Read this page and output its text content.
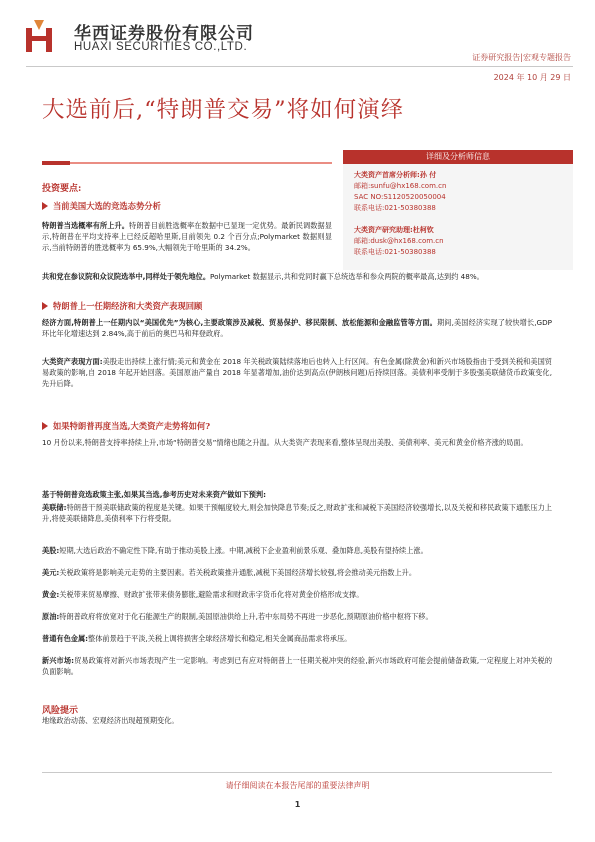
华西证券股份有限公司
HUAXI SECURITIES CO.,LTD.
证券研究报告|宏观专题报告
2024 年 10 月 29 日
大选前后,“特朗普交易”将如何演绎
详细及分析师信息
大类资产首席分析师:孙 付
邮箱:sunfu@hx168.com.cn
SAC NO:S1120520050004
联系电话:021-50380388
大类资产研究助理:杜柯钦
邮箱:dusk@hx168.com.cn
联系电话:021-50380388
投资要点:
当前美国大选的竞选态势分析
特朗普当选概率有所上升。特朗普目前胜选概率在数据中已显现一定优势。最新民调数据显示,特朗普在平均支持率上已经反超哈里斯,目前领先 0.2 个百分点;Polymarket 数据则显示,当前特朗普的胜选概率为 65.9%,大幅领先于哈里斯的 34.2%。
共和党在参议院和众议院选举中,同样处于领先地位。Polymarket 数据显示,共和党同时赢下总统选举和参众两院的概率最高,达到约 48%。
特朗普上一任期经济和大类资产表现回顾
经济方面,特朗普上一任期内以“美国优先”为核心,主要政策涉及减税、贸易保护、移民限制、放松能源和金融监管等方面。期间,美国经济实现了较快增长,GDP 环比年化增速达到 2.84%,高于前后的奥巴马和拜登政府。
大类资产表现方面:美股走出持续上涨行情;美元和黄金在 2018 年关税政策陆续落地后也转入上行区间。有色金属(除黄金)和新兴市场股指由于受到关税和美国贸易政策的影响,自 2018 年起开始回落。美国原油产量自 2018 年显著增加,油价达到高点(伊朗核问题)后持续回落。美债利率受制于多股强美联储货币政策变化,先升后降。
如果特朗普再度当选,大类资产走势将如何?
10 月份以来,特朗普支持率持续上升,市场“特朗普交易”情绪也随之升温。从大类资产表现来看,整体呈现出美股、美债利率、美元和黄金价格齐涨的局面。
基于特朗普竞选政策主张,如果其当选,参考历史对未来资产做如下预判:
美联储:特朗普干预美联储政策的程度是关键。如果干预幅度较大,则会加快降息节奏;反之,财政扩张和减税下美国经济较强增长,以及关税和移民政策下通胀压力上升,将使美联储降息,美债利率下行将受限。
美股:短期,大选后政治不确定性下降,有助于推动美股上涨。中期,减税下企业盈利前景乐观、叠加降息,美股有望持续上涨。
美元:关税政策将是影响美元走势的主要因素。若关税政策推升通胀,减税下美国经济增长较强,将会推动美元指数上升。
黄金:关税带来贸易摩擦、财政扩张带来债务膨胀,避险需求和财政赤字货币化将对黄金价格形成支撑。
原油:特朗普政府将放宽对于化石能源生产的限制,美国原油供给上升,若中东局势不再进一步恶化,预期原油价格中枢将下移。
普通有色金属:整体前景趋于平淡,关税上调将损害全球经济增长和稳定,相关金属商品需求将承压。
新兴市场:贸易政策将对新兴市场表现产生一定影响。考虑到已有应对特朗普上一任期关税冲突的经验,新兴市场政府可能会提前储备政策,一定程度上对冲关税的负面影响。
风险提示
地缘政治动荡、宏观经济出现超预期变化。
请仔细阅读在本报告尾部的重要法律声明
1
